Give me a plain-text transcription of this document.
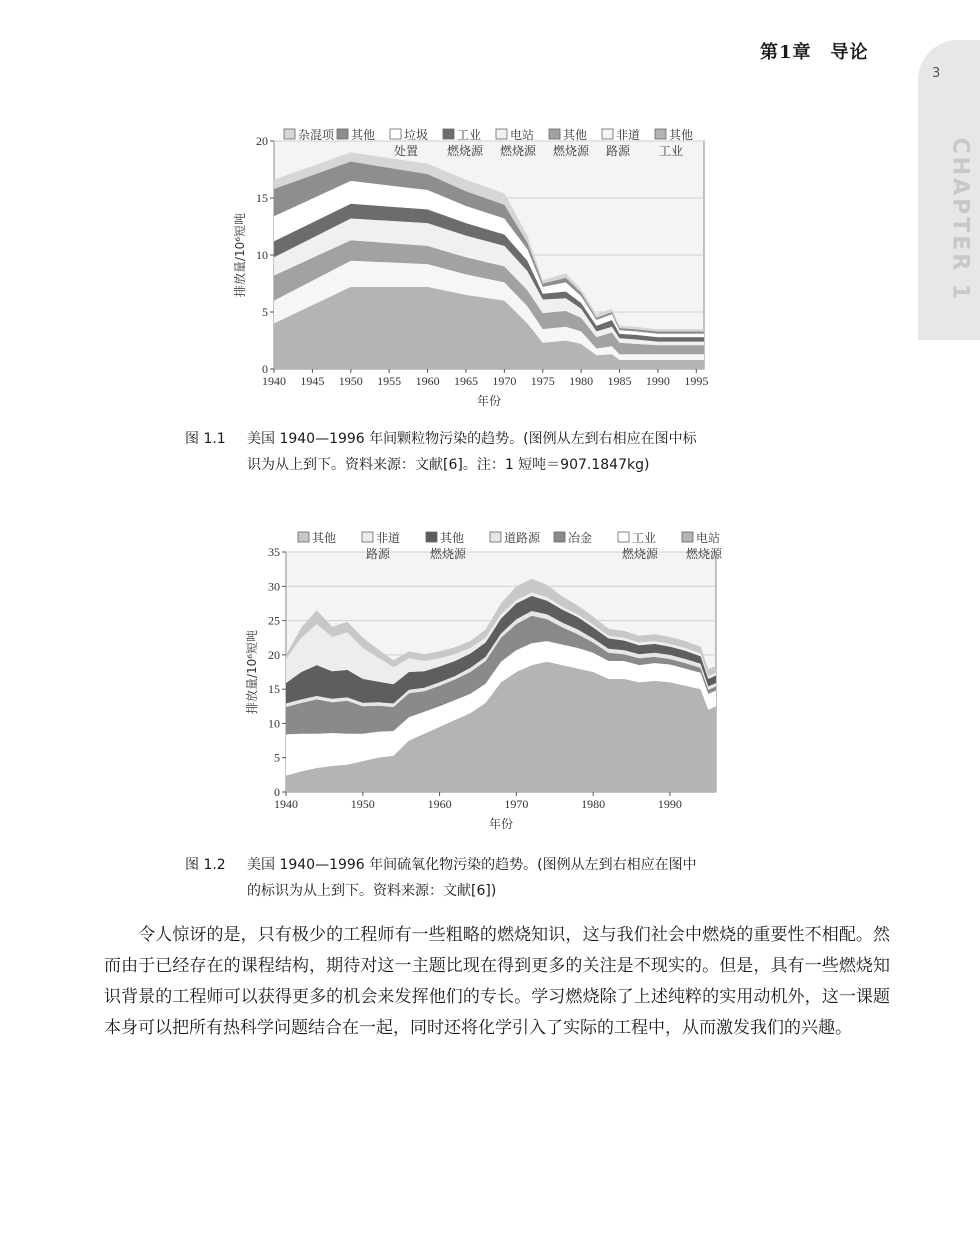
3
CHAPTER 1
第1章　导论
0
5
10
15
20
1940 1945 1950 1955 1960 1965 1970 1975 1980 1985 1990 1995
年份
排放量/10⁶短吨
杂混项 其他 垃圾
处置
工业
燃烧源
电站
燃烧源
其他
燃烧源
非道
路源
其他
工业
图 1.1 美国 1940—1996 年间颗粒物污染的趋势。(图例从左到右相应在图中标
识为从上到下。资料来源：文献[6]。注：1 短吨＝907.1847kg)
0
5
10
15
20
25
30
35
1940	1950	1960	1970	1980	1990
年份
排放量/10⁶短吨
其他	非道
路源
其他
燃烧源
道路源 冶金	工业
燃烧源
电站
燃烧源
图 1.2 美国 1940—1996 年间硫氧化物污染的趋势。(图例从左到右相应在图中
的标识为从上到下。资料来源：文献[6])
令人惊讶的是，只有极少的工程师有一些粗略的燃烧知识，这与我们社会中燃烧的重要性不相配。然而由于已经存在的课程结构，期待对这一主题比现在得到更多的关注是不现实的。但是，具有一些燃烧知识背景的工程师可以获得更多的机会来发挥他们的专长。学习燃烧除了上述纯粹的实用动机外，这一课题本身可以把所有热科学问题结合在一起，同时还将化学引入了实际的工程中，从而激发我们的兴趣。
